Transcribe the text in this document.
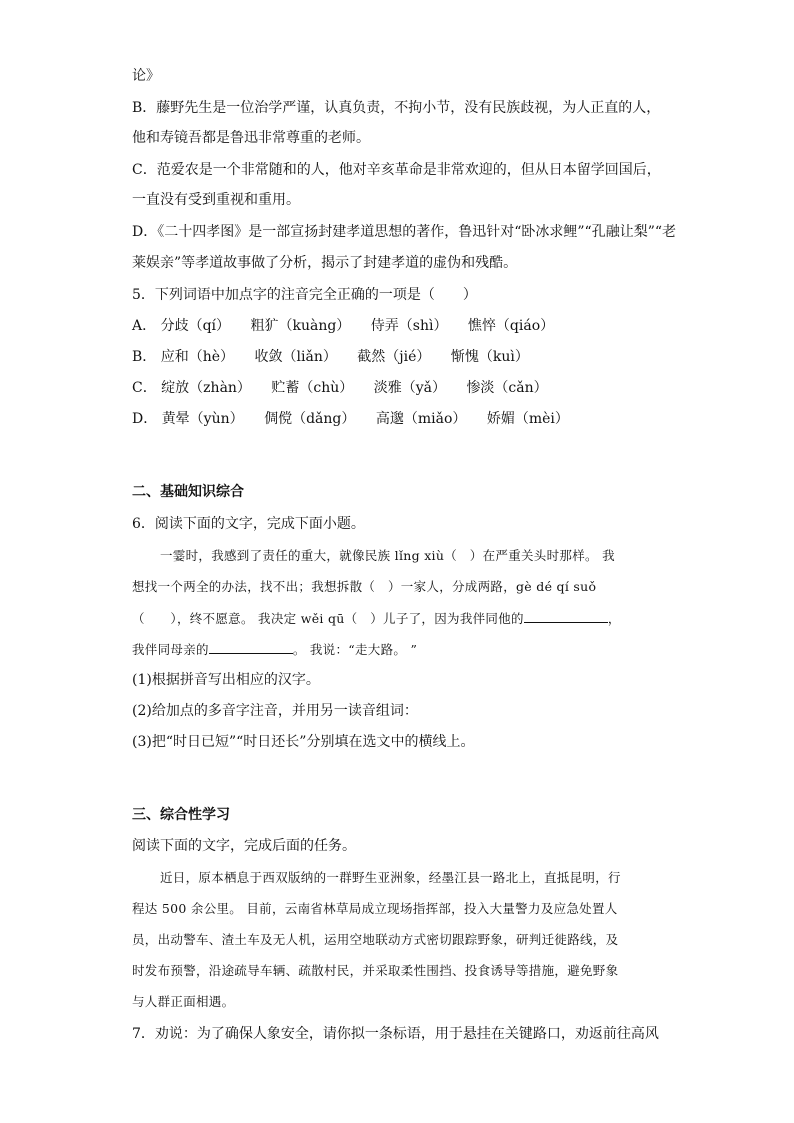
论》
B．藤野先生是一位治学严谨，认真负责，不拘小节，没有民族歧视，为人正直的人，
他和寿镜吾都是鲁迅非常尊重的老师。
C．范爱农是一个非常随和的人，他对辛亥革命是非常欢迎的，但从日本留学回国后，
一直没有受到重视和重用。
D．《二十四孝图》是一部宣扬封建孝道思想的著作，鲁迅针对“卧冰求鲤”“孔融让梨”“老
莱娱亲”等孝道故事做了分析，揭示了封建孝道的虚伪和残酷。
5．下列词语中加点字的注音完全正确的一项是（　　）
A． 分歧（qí） 粗犷（kuàng） 侍弄（shì） 憔悴（qiáo）
B． 应和（hè） 收敛（liǎn） 截然（jié） 惭愧（kuì）
C． 绽放（zhàn） 贮蓄（chù） 淡雅（yǎ） 惨淡（cǎn）
D． 黄晕（yùn） 倜傥（dǎng） 高邈（miǎo） 娇媚（mèi）
二、基础知识综合
6．阅读下面的文字，完成下面小题。
一霎时，我感到了责任的重大，就像民族 lǐng xiù（　）在严重关头时那样。 我
想找一个两全的办法，找不出；我想拆散（　）一家人，分成两路，gè dé qí suǒ
（　　），终不愿意。 我决定 wěi qū（　）儿子了，因为我伴同他的	，
我伴同母亲的	。 我说：“走大路。 ”
(1)根据拼音写出相应的汉字。
(2)给加点的多音字注音，并用另一读音组词：
(3)把“时日已短”“时日还长”分别填在选文中的横线上。
三、综合性学习
阅读下面的文字，完成后面的任务。
近日，原本栖息于西双版纳的一群野生亚洲象，经墨江县一路北上，直抵昆明，行
程达 500 余公里。 目前，云南省林草局成立现场指挥部，投入大量警力及应急处置人
员，出动警车、渣土车及无人机，运用空地联动方式密切跟踪野象，研判迁徙路线，及
时发布预警，沿途疏导车辆、疏散村民，并采取柔性围挡、投食诱导等措施，避免野象
与人群正面相遇。
7．劝说：为了确保人象安全，请你拟一条标语，用于悬挂在关键路口，劝返前往高风
